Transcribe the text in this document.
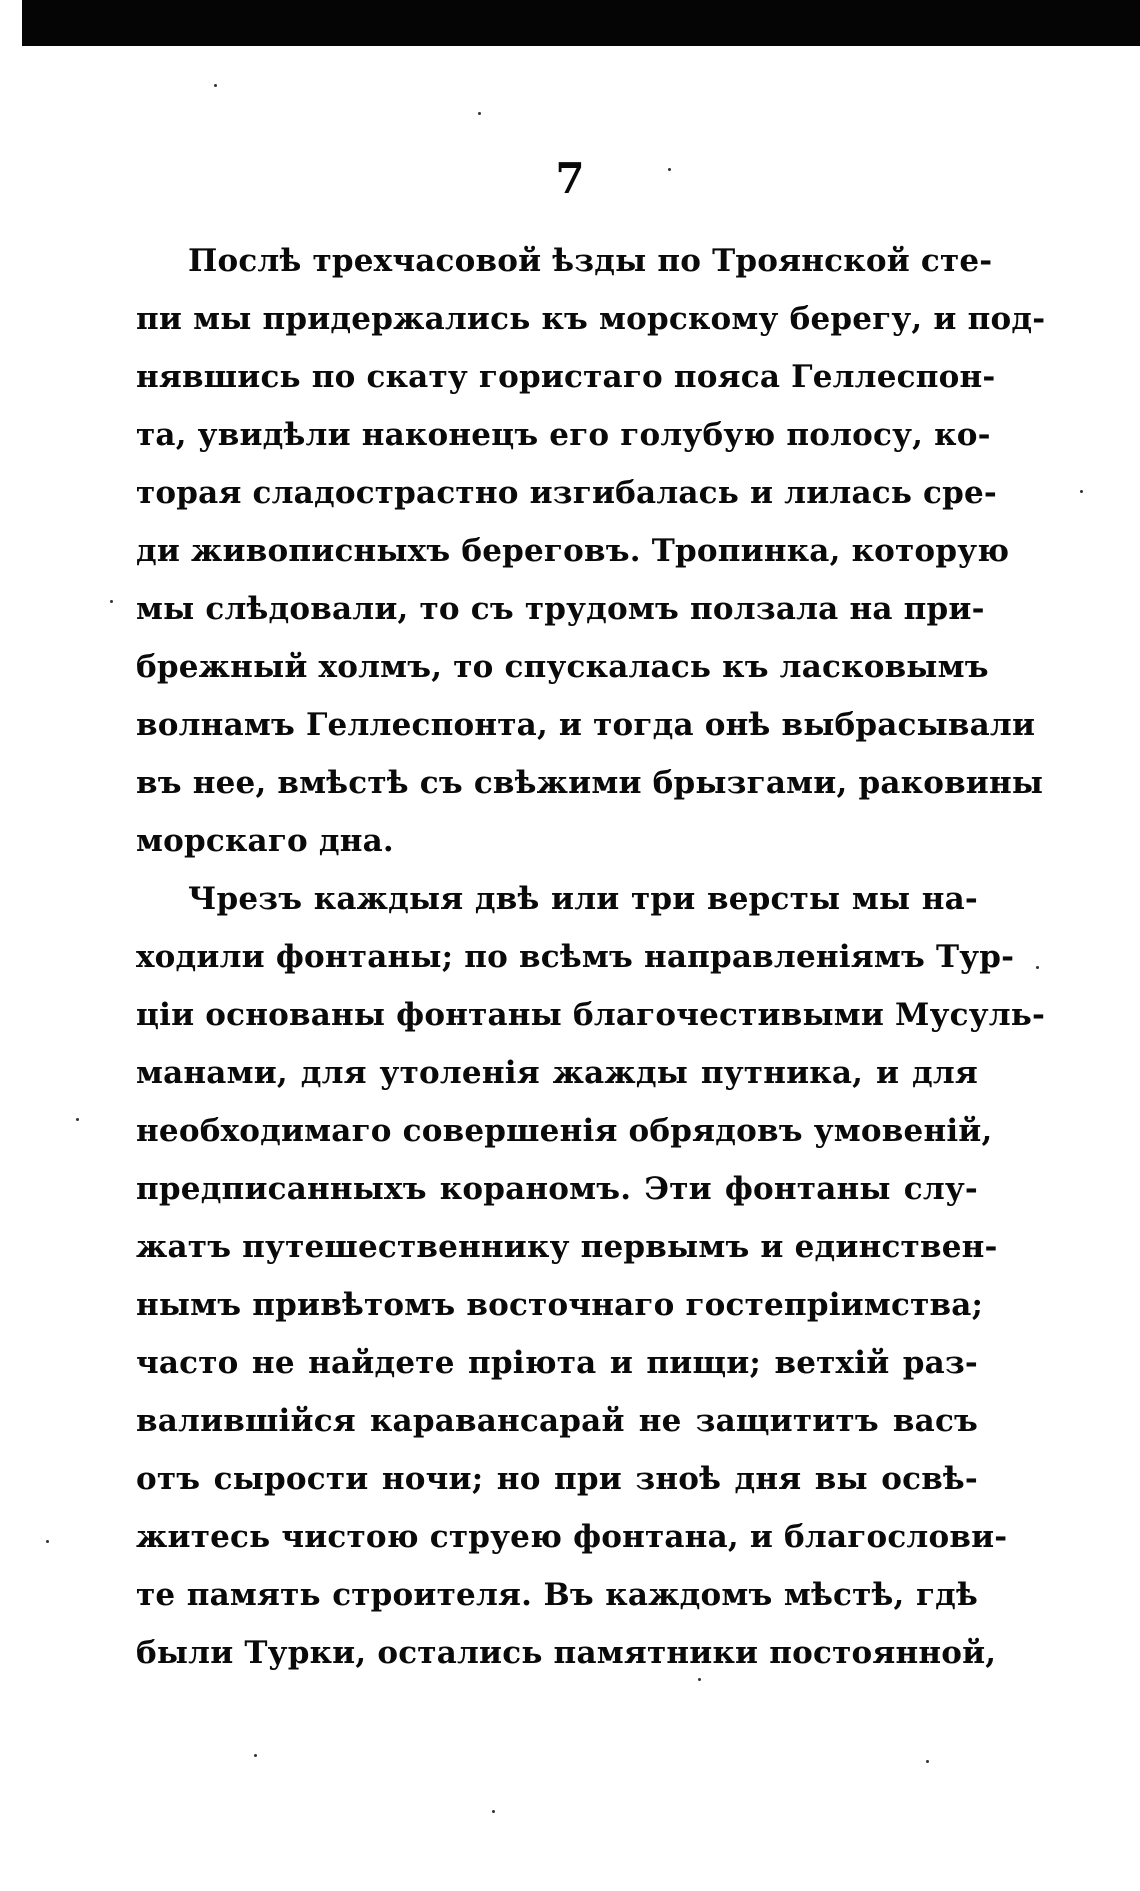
7
Послѣ трехчасовой ѣзды по Троянской сте-
пи мы придержались къ морскому берегу, и под-
нявшись по скату гористаго пояса Геллеспон-
та, увидѣли наконецъ его голубую полосу, ко-
торая сладострастно изгибалась и лилась сре-
ди живописныхъ береговъ. Тропинка, которую
мы слѣдовали, то съ трудомъ ползала на при-
брежный холмъ, то спускалась къ ласковымъ
волнамъ Геллеспонта, и тогда онѣ выбрасывали
въ нее, вмѣстѣ съ свѣжими брызгами, раковины
морскаго дна.
Чрезъ каждыя двѣ или три версты мы на-
ходили фонтаны; по всѣмъ направленіямъ Тур-
ціи основаны фонтаны благочестивыми Мусуль-
манами, для утоленія жажды путника, и для
необходимаго совершенія обрядовъ умовеній,
предписанныхъ кораномъ. Эти фонтаны слу-
жатъ путешественнику первымъ и единствен-
нымъ привѣтомъ восточнаго гостепріимства;
часто не найдете пріюта и пищи; ветхій раз-
валившійся каравансарай не защититъ васъ
отъ сырости ночи; но при знoѣ дня вы освѣ-
житесь чистою струею фонтана, и благослови-
те память строителя. Въ каждомъ мѣстѣ, гдѣ
были Турки, остались памятники постоянной,
